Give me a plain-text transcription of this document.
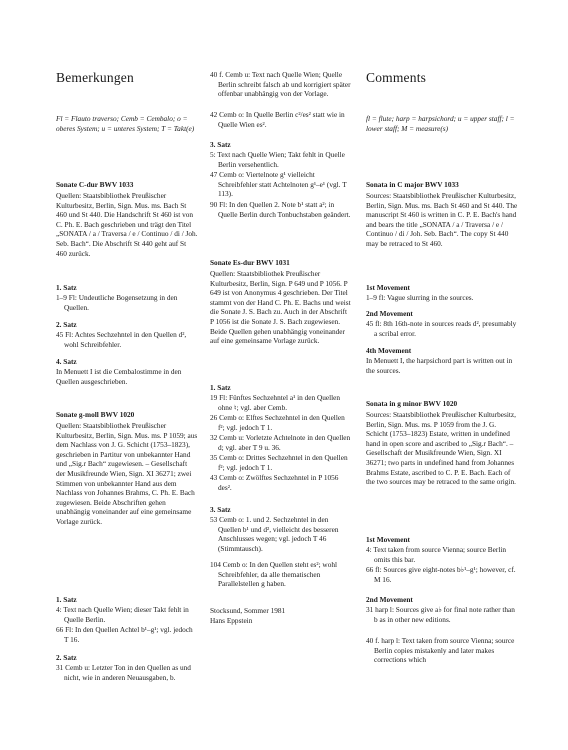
Bemerkungen
Fl = Flauto traverso; Cemb = Cembalo; o = oberes System; u = unteres System; T = Takt(e)
Sonate C-dur BWV 1033
Quellen: Staatsbibliothek Preußischer Kulturbesitz, Berlin, Sign. Mus. ms. Bach St 460 und St 440. Die Handschrift St 460 ist von C. Ph. E. Bach geschrieben und trägt den Titel „SONATA / a / Traversa / e / Continuo / di / Joh. Seb. Bach“. Die Abschrift St 440 geht auf St 460 zurück.
1. Satz
1–9 Fl: Undeutliche Bogensetzung in den Quellen.
2. Satz
45 Fl: Achtes Sechzehntel in den Quellen d², wohl Schreibfehler.
4. Satz
In Menuett I ist die Cembalostimme in den Quellen ausgeschrieben.
Sonate g-moll BWV 1020
Quellen: Staatsbibliothek Preußischer Kulturbesitz, Berlin, Sign. Mus. ms. P 1059; aus dem Nachlass von J. G. Schicht (1753–1823), geschrieben in Partitur von unbekannter Hand und „Sig.r Bach“ zugewiesen. – Gesellschaft der Musikfreunde Wien, Sign. XI 36271; zwei Stimmen von unbekannter Hand aus dem Nachlass von Johannes Brahms, C. Ph. E. Bach zugewiesen. Beide Abschriften gehen unabhängig voneinander auf eine gemeinsame Vorlage zurück.
1. Satz
4: Text nach Quelle Wien; dieser Takt fehlt in Quelle Berlin.
66 Fl: In den Quellen Achtel b¹–g¹; vgl. jedoch T 16.
2. Satz
31 Cemb u: Letzter Ton in den Quellen as und nicht, wie in anderen Neuausgaben, b.
40 f. Cemb u: Text nach Quelle Wien; Quelle Berlin schreibt falsch ab und korrigiert später offenbar unabhängig von der Vorlage.
42 Cemb o: In Quelle Berlin c²/es² statt wie in Quelle Wien es².
3. Satz
5: Text nach Quelle Wien; Takt fehlt in Quelle Berlin versehentlich.
47 Cemb o: Viertelnote g¹ vielleicht Schreibfehler statt Achtelnoten g¹–e¹ (vgl. T 113).
90 Fl: In den Quellen 2. Note b¹ statt a²; in Quelle Berlin durch Tonbuchstaben geändert.
Sonate Es-dur BWV 1031
Quellen: Staatsbibliothek Preußischer Kulturbesitz, Berlin, Sign. P 649 und P 1056. P 649 ist von Anonymus 4 geschrieben. Der Titel stammt von der Hand C. Ph. E. Bachs und weist die Sonate J. S. Bach zu. Auch in der Abschrift P 1056 ist die Sonate J. S. Bach zugewiesen. Beide Quellen gehen unabhängig voneinander auf eine gemeinsame Vorlage zurück.
1. Satz
19 Fl: Fünftes Sechzehntel a¹ in den Quellen ohne ♮; vgl. aber Cemb.
26 Cemb o: Elftes Sechzehntel in den Quellen f²; vgl. jedoch T 1.
32 Cemb u: Vorletzte Achtelnote in den Quellen d; vgl. aber T 9 u. 36.
35 Cemb o: Drittes Sechzehntel in den Quellen f²; vgl. jedoch T 1.
43 Cemb o: Zwölftes Sechzehntel in P 1056 des².
3. Satz
53 Cemb o: 1. und 2. Sechzehntel in den Quellen b¹ und d², vielleicht des besseren Anschlusses wegen; vgl. jedoch T 46 (Stimmtausch).
104 Cemb o: In den Quellen steht es²; wohl Schreibfehler, da alle thematischen Parallelstellen g haben.
Stocksund, Sommer 1981
Hans Eppstein
Comments
fl = flute; harp = harpsichord; u = upper staff; l = lower staff; M = measure(s)
Sonata in C major BWV 1033
Sources: Staatsbibliothek Preußischer Kulturbesitz, Berlin, Sign. Mus. ms. Bach St 460 and St 440. The manuscript St 460 is written in C. P. E. Bach's hand and bears the title „SONATA / a / Traversa / e / Continuo / di / Joh. Seb. Bach“. The copy St 440 may be retraced to St 460.
1st Movement
1–9 fl: Vague slurring in the sources.
2nd Movement
45 fl: 8th 16th-note in sources reads d², presumably a scribal error.
4th Movement
In Menuett I, the harpsichord part is written out in the sources.
Sonata in g minor BWV 1020
Sources: Staatsbibliothek Preußischer Kulturbesitz, Berlin, Sign. Mus. ms. P 1059 from the J. G. Schicht (1753–1823) Estate, written in undefined hand in open score and ascribed to „Sig.r Bach“. – Gesellschaft der Musikfreunde Wien, Sign. XI 36271; two parts in undefined hand from Johannes Brahms Estate, ascribed to C. P. E. Bach. Each of the two sources may be retraced to the same origin.
1st Movement
4: Text taken from source Vienna; source Berlin omits this bar.
66 fl: Sources give eight-notes b♭¹–g¹; however, cf. M 16.
2nd Movement
31 harp l: Sources give a♭ for final note rather than b as in other new editions.
40 f. harp l: Text taken from source Vienna; source Berlin copies mistakenly and later makes corrections which
